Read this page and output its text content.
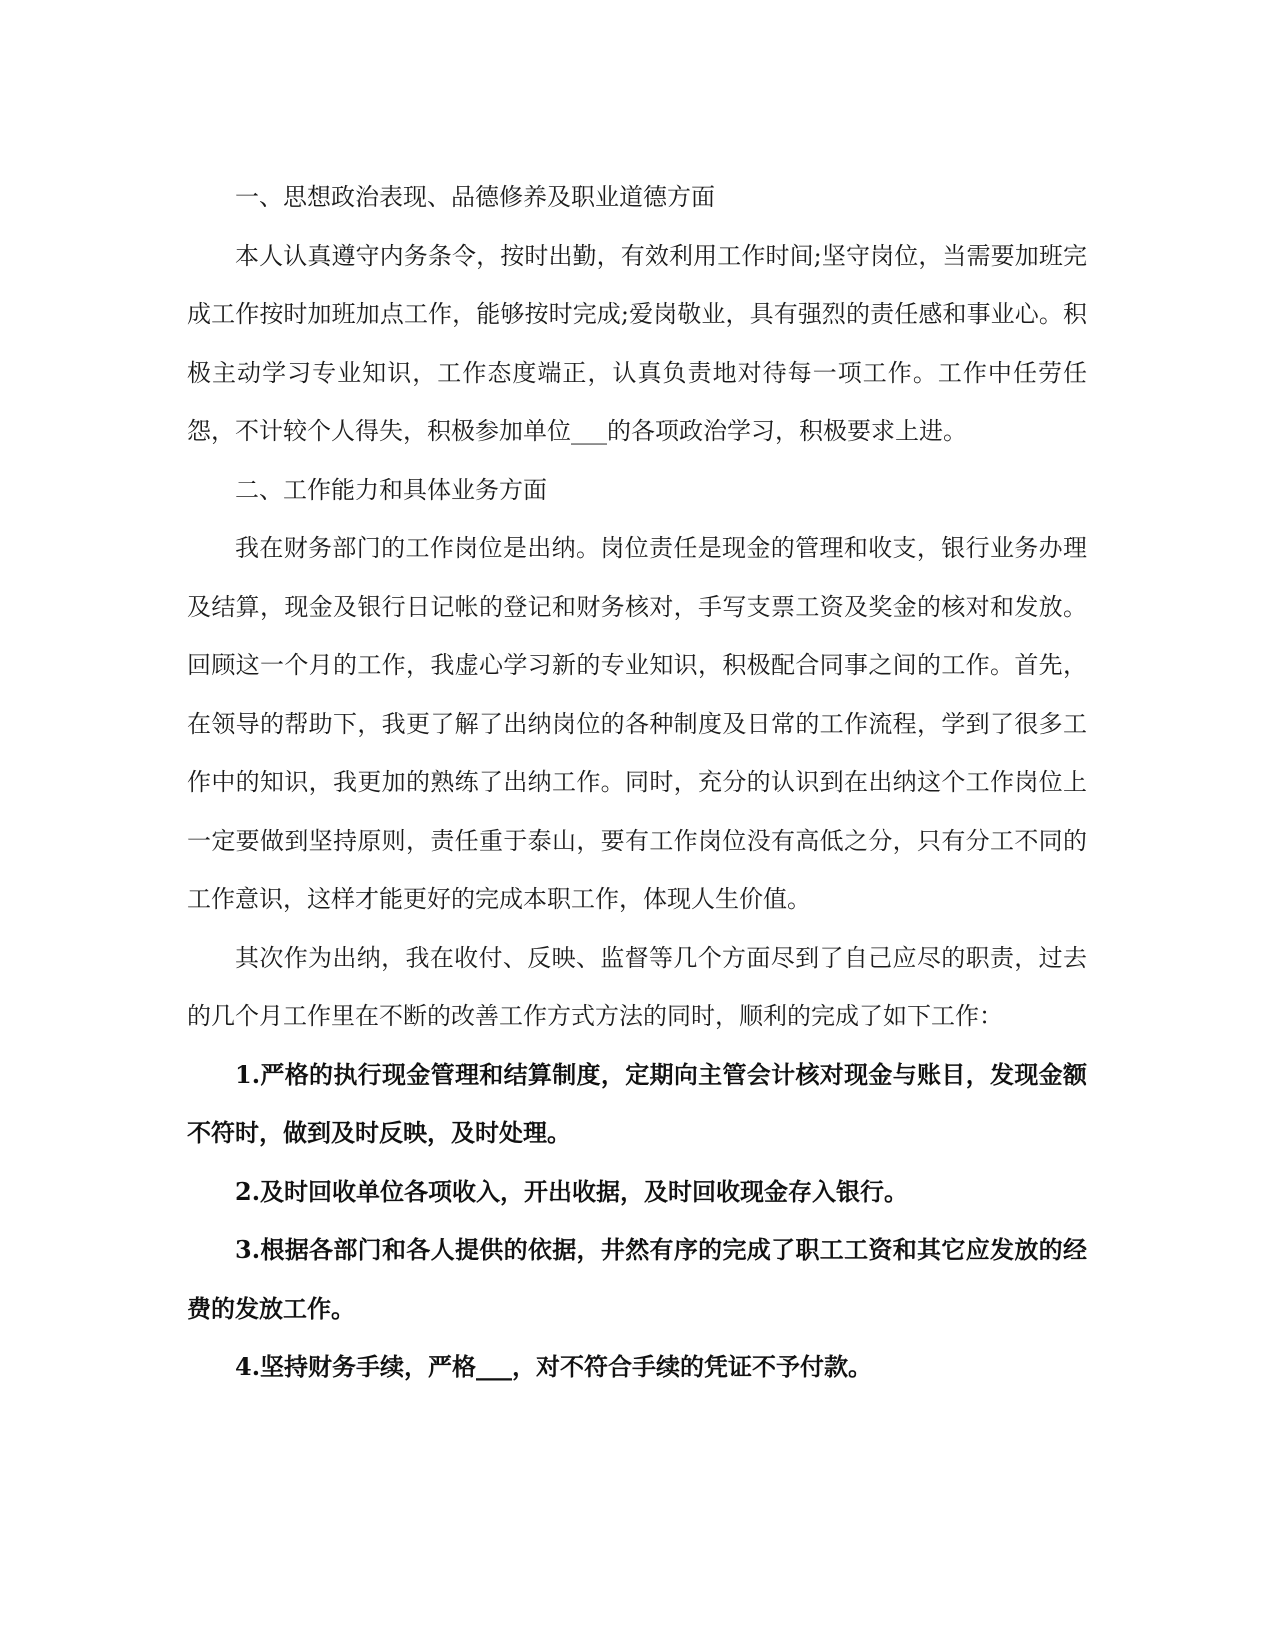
一、思想政治表现、品德修养及职业道德方面

本人认真遵守内务条令，按时出勤，有效利用工作时间;坚守岗位，当需要加班完成工作按时加班加点工作，能够按时完成;爱岗敬业，具有强烈的责任感和事业心。积极主动学习专业知识，工作态度端正，认真负责地对待每一项工作。工作中任劳任怨，不计较个人得失，积极参加单位___的各项政治学习，积极要求上进。

二、工作能力和具体业务方面

我在财务部门的工作岗位是出纳。岗位责任是现金的管理和收支，银行业务办理及结算，现金及银行日记帐的登记和财务核对，手写支票工资及奖金的核对和发放。回顾这一个月的工作，我虚心学习新的专业知识，积极配合同事之间的工作。首先，在领导的帮助下，我更了解了出纳岗位的各种制度及日常的工作流程，学到了很多工作中的知识，我更加的熟练了出纳工作。同时，充分的认识到在出纳这个工作岗位上一定要做到坚持原则，责任重于泰山，要有工作岗位没有高低之分，只有分工不同的工作意识，这样才能更好的完成本职工作，体现人生价值。

其次作为出纳，我在收付、反映、监督等几个方面尽到了自己应尽的职责，过去的几个月工作里在不断的改善工作方式方法的同时，顺利的完成了如下工作：

1.严格的执行现金管理和结算制度，定期向主管会计核对现金与账目，发现金额不符时，做到及时反映，及时处理。

2.及时回收单位各项收入，开出收据，及时回收现金存入银行。

3.根据各部门和各人提供的依据，井然有序的完成了职工工资和其它应发放的经费的发放工作。

4.坚持财务手续，严格___，对不符合手续的凭证不予付款。
